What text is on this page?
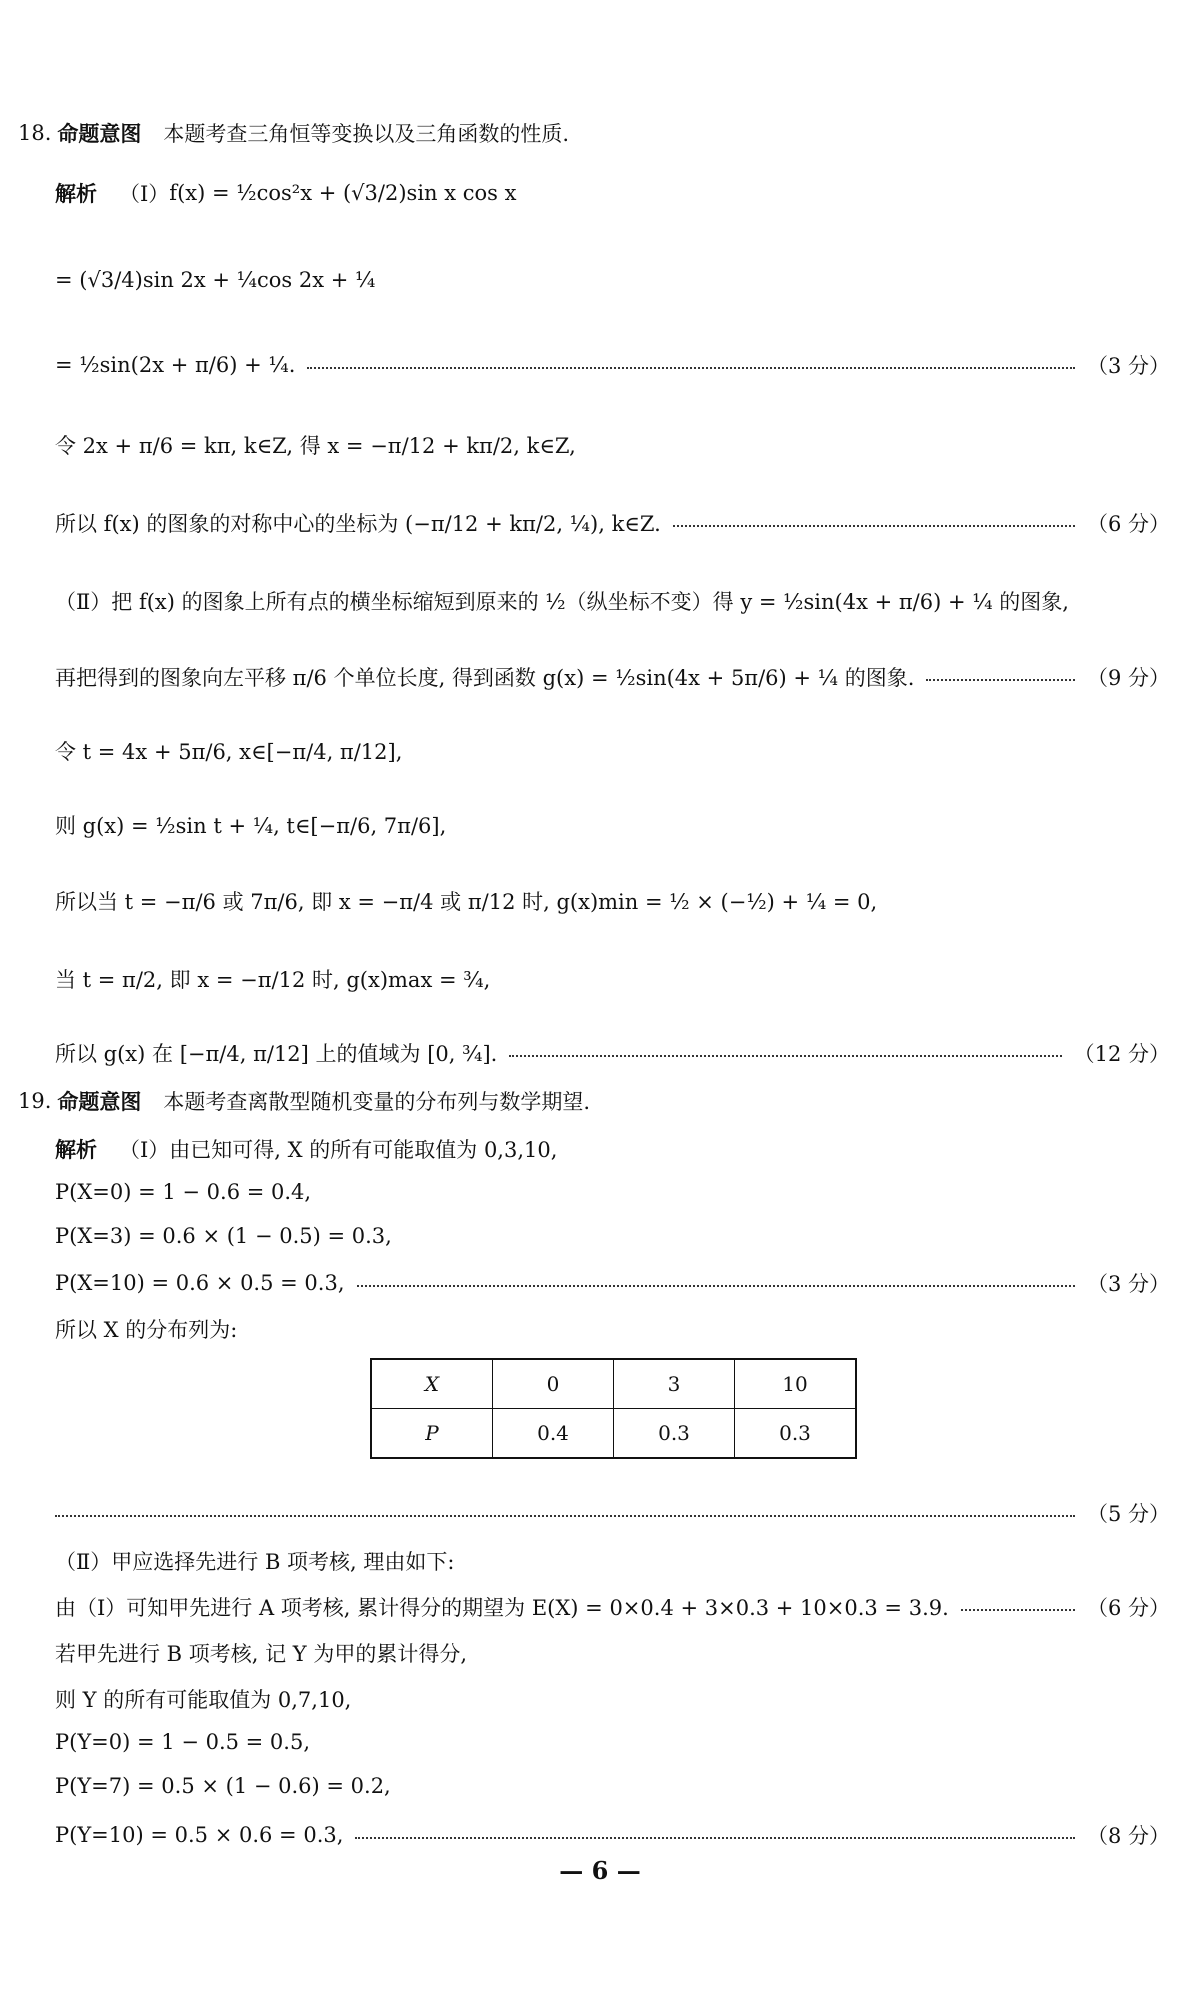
18. 命题意图 本题考查三角恒等变换以及三角函数的性质.
解析 （Ⅰ） f(x) = ½cos²x + (√3/2)sin x cos x
= (√3/4)sin 2x + ¼cos 2x + ¼
= ½sin(2x + π/6) + ¼.	（3 分）
令 2x + π/6 = kπ, k∈Z, 得 x = −π/12 + kπ/2, k∈Z,
所以 f(x) 的图象的对称中心的坐标为 (−π/12 + kπ/2, ¼), k∈Z.	（6 分）
（Ⅱ）把 f(x) 的图象上所有点的横坐标缩短到原来的 ½（纵坐标不变）得 y = ½sin(4x + π/6) + ¼ 的图象,
再把得到的图象向左平移 π/6 个单位长度, 得到函数 g(x) = ½sin(4x + 5π/6) + ¼ 的图象.	（9 分）
令 t = 4x + 5π/6, x∈[−π/4, π/12],
则 g(x) = ½sin t + ¼, t∈[−π/6, 7π/6],
所以当 t = −π/6 或 7π/6, 即 x = −π/4 或 π/12 时, g(x)min = ½ × (−½) + ¼ = 0,
当 t = π/2, 即 x = −π/12 时, g(x)max = ¾,
所以 g(x) 在 [−π/4, π/12] 上的值域为 [0, ¾].	（12 分）
19. 命题意图 本题考查离散型随机变量的分布列与数学期望.
解析 （Ⅰ）由已知可得, X 的所有可能取值为 0,3,10,
P(X=0) = 1 − 0.6 = 0.4,
P(X=3) = 0.6 × (1 − 0.5) = 0.3,
P(X=10) = 0.6 × 0.5 = 0.3,	（3 分）
所以 X 的分布列为:
X	0	3	10
P	0.4	0.3	0.3
（5 分）
（Ⅱ）甲应选择先进行 B 项考核, 理由如下:
由（Ⅰ）可知甲先进行 A 项考核, 累计得分的期望为 E(X) = 0×0.4 + 3×0.3 + 10×0.3 = 3.9.	（6 分）
若甲先进行 B 项考核, 记 Y 为甲的累计得分,
则 Y 的所有可能取值为 0,7,10,
P(Y=0) = 1 − 0.5 = 0.5,
P(Y=7) = 0.5 × (1 − 0.6) = 0.2,
P(Y=10) = 0.5 × 0.6 = 0.3,	（8 分）
— 6 —
